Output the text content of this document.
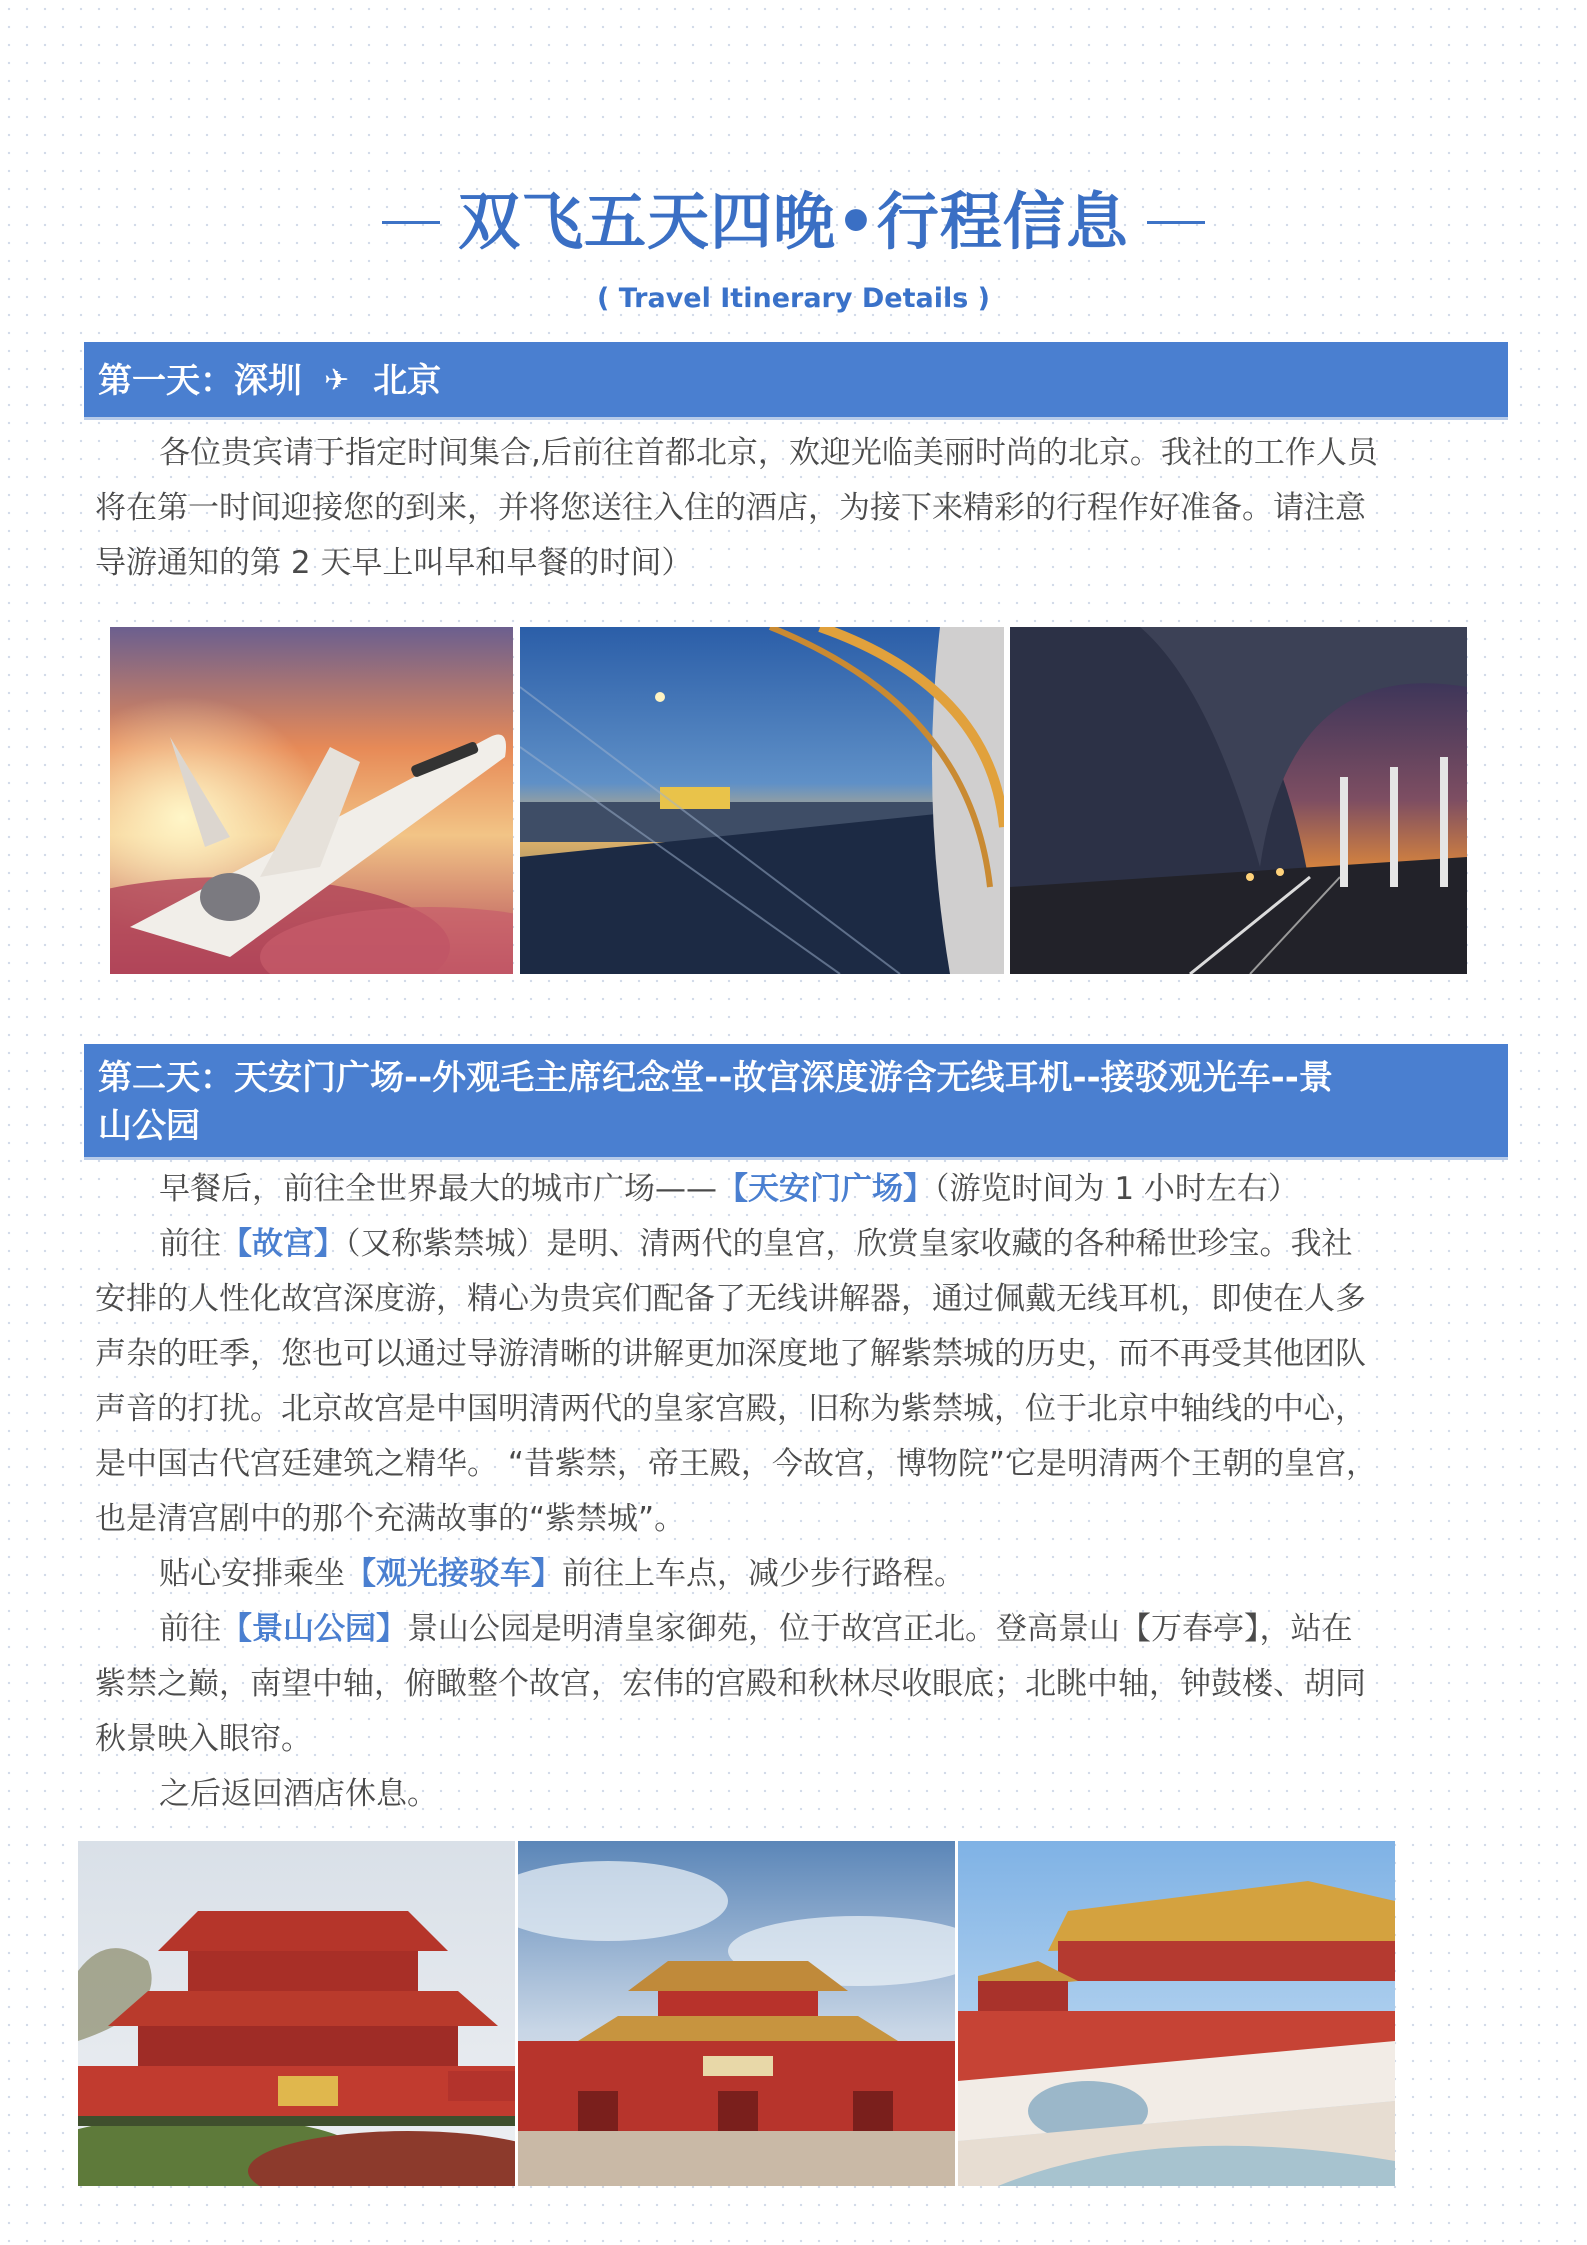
双飞五天四晚•行程信息
( Travel Itinerary Details )
第一天：深圳 ✈ 北京
各位贵宾请于指定时间集合,后前往首都北京，欢迎光临美丽时尚的北京。我社的工作人员
将在第一时间迎接您的到来，并将您送往入住的酒店，为接下来精彩的行程作好准备。请注意
导游通知的第 2 天早上叫早和早餐的时间）
第二天：天安门广场--外观毛主席纪念堂--故宫深度游含无线耳机--接驳观光车--景
山公园
早餐后，前往全世界最大的城市广场——【天安门广场】（游览时间为 1 小时左右）
前往【故宫】（又称紫禁城）是明、清两代的皇宫，欣赏皇家收藏的各种稀世珍宝。我社
安排的人性化故宫深度游，精心为贵宾们配备了无线讲解器，通过佩戴无线耳机，即使在人多
声杂的旺季，您也可以通过导游清晰的讲解更加深度地了解紫禁城的历史，而不再受其他团队
声音的打扰。北京故宫是中国明清两代的皇家宫殿，旧称为紫禁城，位于北京中轴线的中心，
是中国古代宫廷建筑之精华。 “昔紫禁，帝王殿，今故宫，博物院”它是明清两个王朝的皇宫，
也是清宫剧中的那个充满故事的“紫禁城”。
贴心安排乘坐【观光接驳车】前往上车点，减少步行路程。
前往【景山公园】景山公园是明清皇家御苑，位于故宫正北。登高景山【万春亭】，站在
紫禁之巅，南望中轴，俯瞰整个故宫，宏伟的宫殿和秋林尽收眼底；北眺中轴，钟鼓楼、胡同
秋景映入眼帘。
之后返回酒店休息。
